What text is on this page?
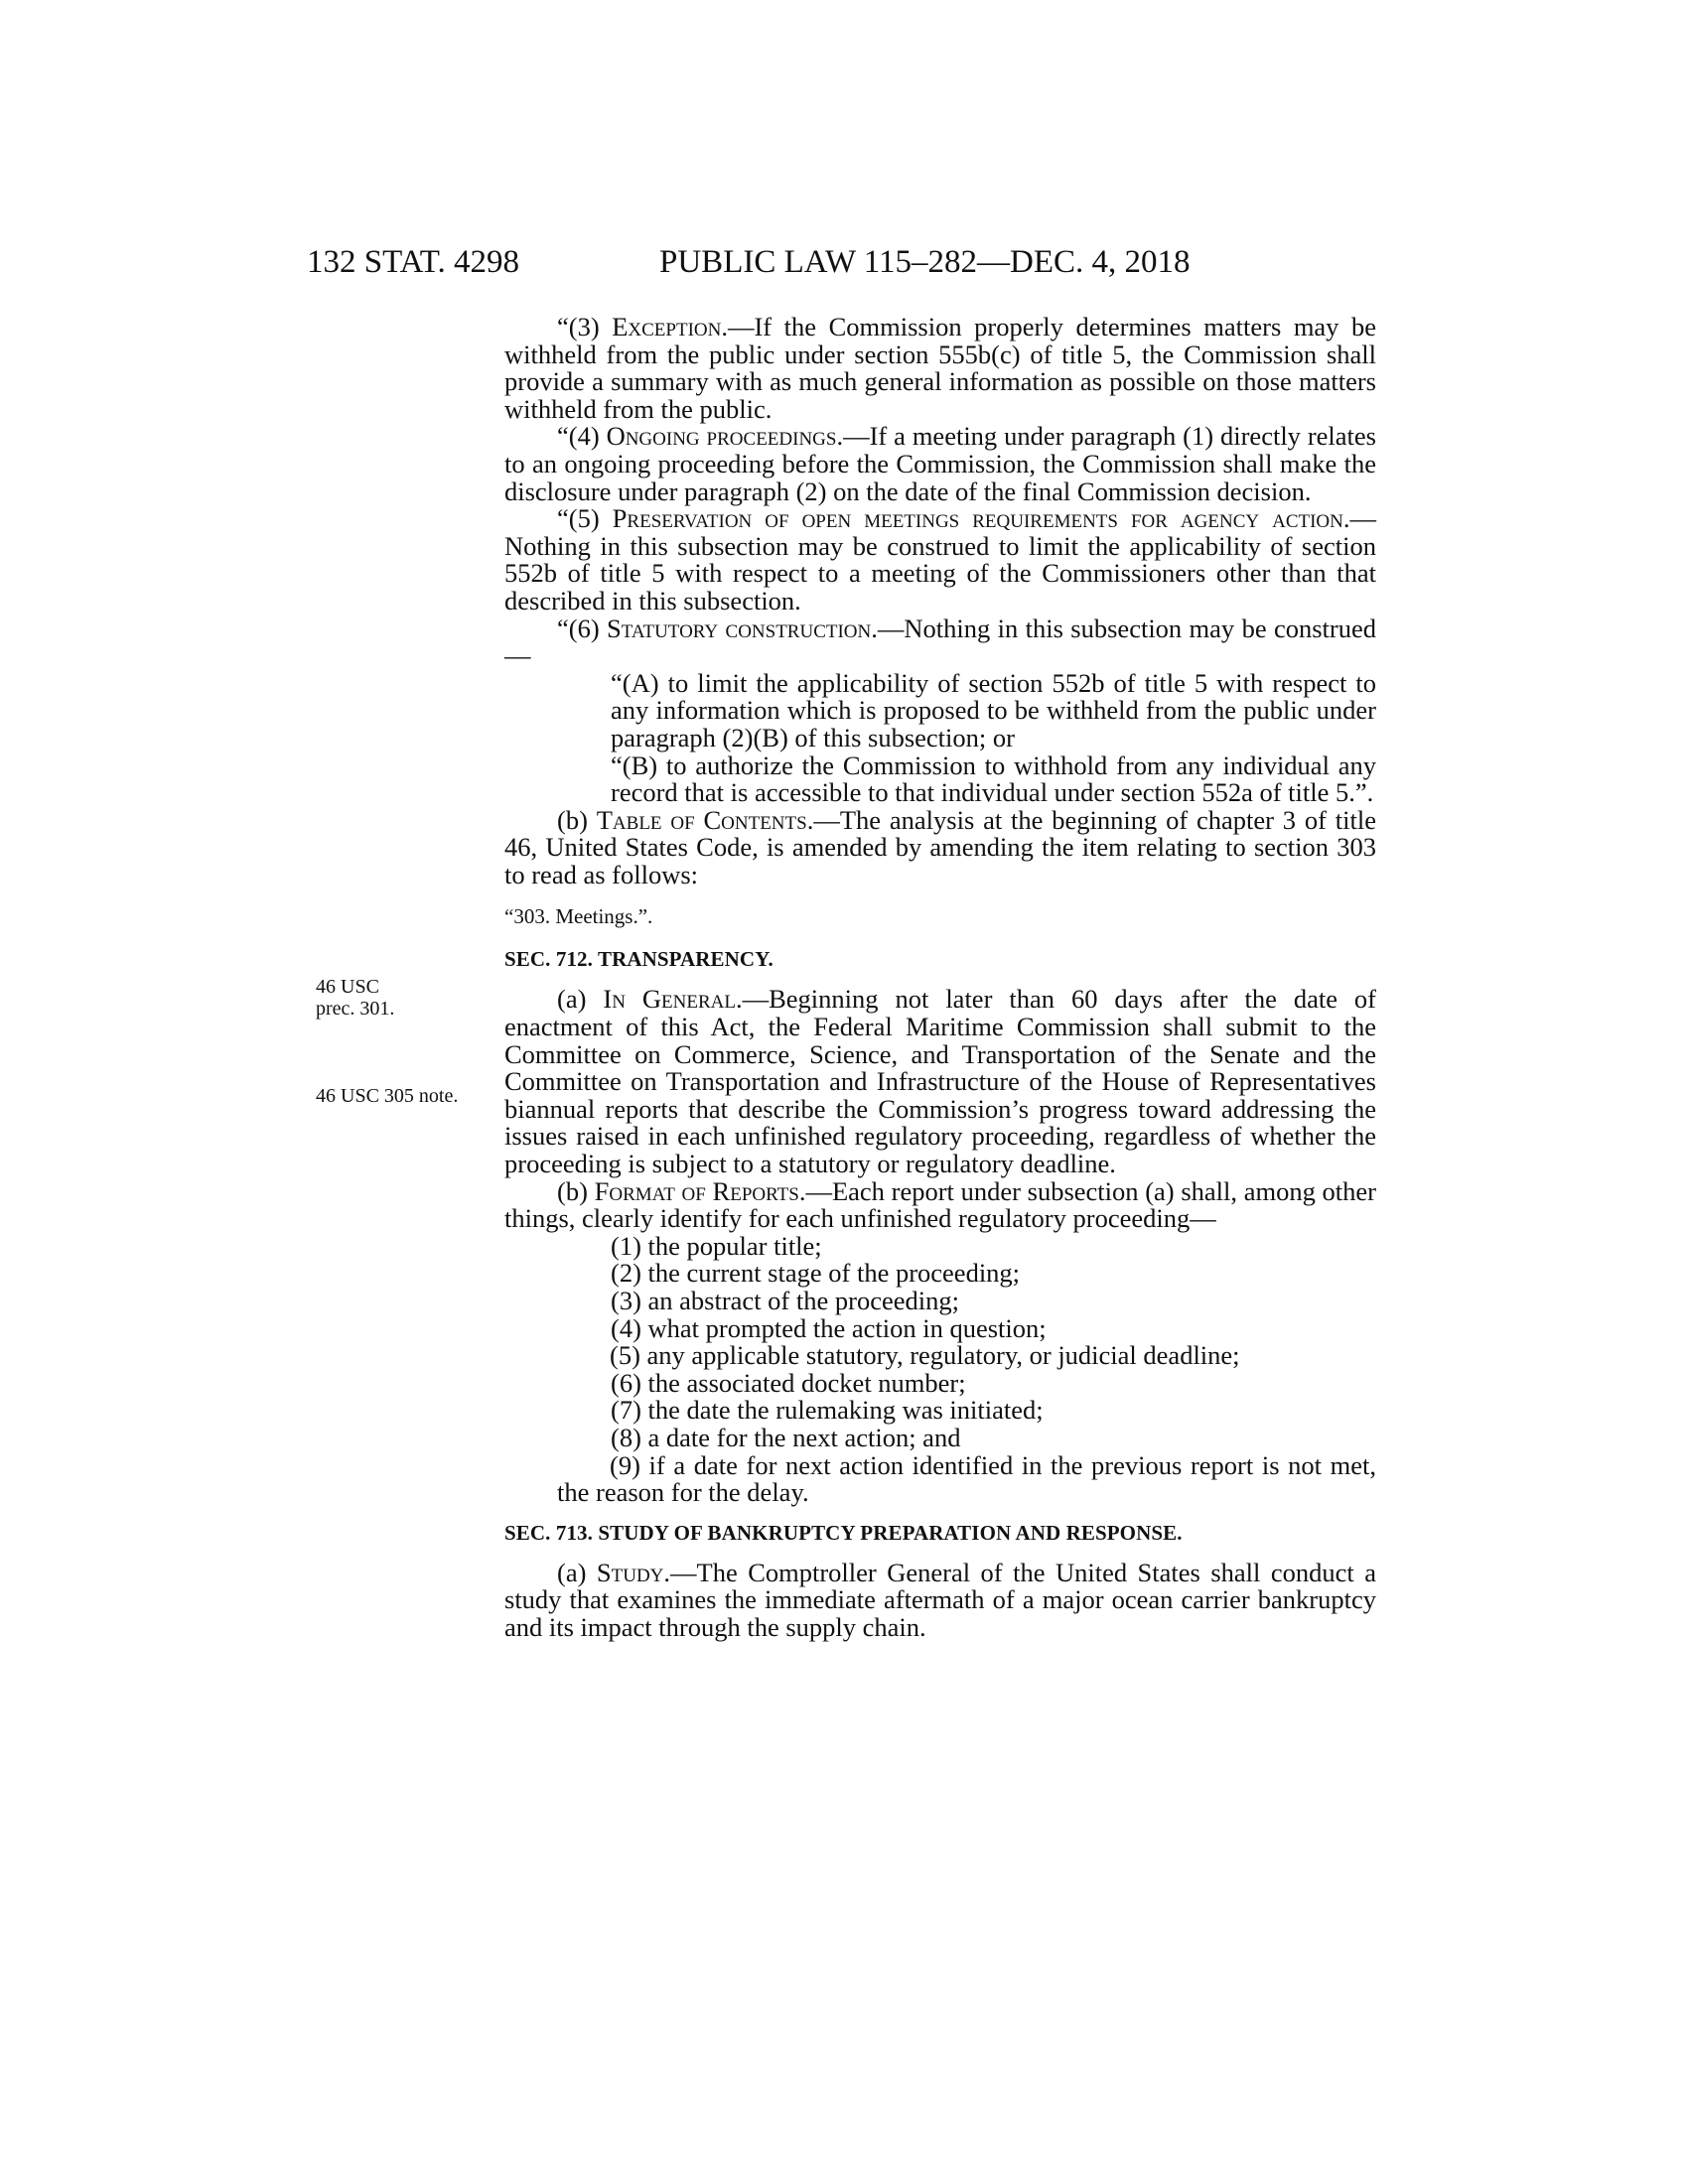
132 STAT. 4298	PUBLIC LAW 115–282—DEC. 4, 2018
46 USC
prec. 301.
46 USC 305 note.

“(3) Exception.—If the Commission properly determines matters may be withheld from the public under section 555b(c) of title 5, the Commission shall provide a summary with as much general information as possible on those matters withheld from the public.

“(4) Ongoing proceedings.—If a meeting under paragraph (1) directly relates to an ongoing proceeding before the Commission, the Commission shall make the disclosure under paragraph (2) on the date of the final Commission decision.

“(5) Preservation of open meetings requirements for agency action.—Nothing in this subsection may be construed to limit the applicability of section 552b of title 5 with respect to a meeting of the Commissioners other than that described in this subsection.

“(6) Statutory construction.—Nothing in this subsection may be construed—

“(A) to limit the applicability of section 552b of title 5 with respect to any information which is proposed to be withheld from the public under paragraph (2)(B) of this subsection; or

“(B) to authorize the Commission to withhold from any individual any record that is accessible to that individual under section 552a of title 5.”.

(b) Table of Contents.—The analysis at the beginning of chapter 3 of title 46, United States Code, is amended by amending the item relating to section 303 to read as follows:

“303. Meetings.”.

SEC. 712. TRANSPARENCY.

(a) In General.—Beginning not later than 60 days after the date of enactment of this Act, the Federal Maritime Commission shall submit to the Committee on Commerce, Science, and Transportation of the Senate and the Committee on Transportation and Infrastructure of the House of Representatives biannual reports that describe the Commission’s progress toward addressing the issues raised in each unfinished regulatory proceeding, regardless of whether the proceeding is subject to a statutory or regulatory deadline.

(b) Format of Reports.—Each report under subsection (a) shall, among other things, clearly identify for each unfinished regulatory proceeding—

(1) the popular title;

(2) the current stage of the proceeding;

(3) an abstract of the proceeding;

(4) what prompted the action in question;

(5) any applicable statutory, regulatory, or judicial deadline;

(6) the associated docket number;

(7) the date the rulemaking was initiated;

(8) a date for the next action; and

(9) if a date for next action identified in the previous report is not met, the reason for the delay.

SEC. 713. STUDY OF BANKRUPTCY PREPARATION AND RESPONSE.

(a) Study.—The Comptroller General of the United States shall conduct a study that examines the immediate aftermath of a major ocean carrier bankruptcy and its impact through the supply chain.
